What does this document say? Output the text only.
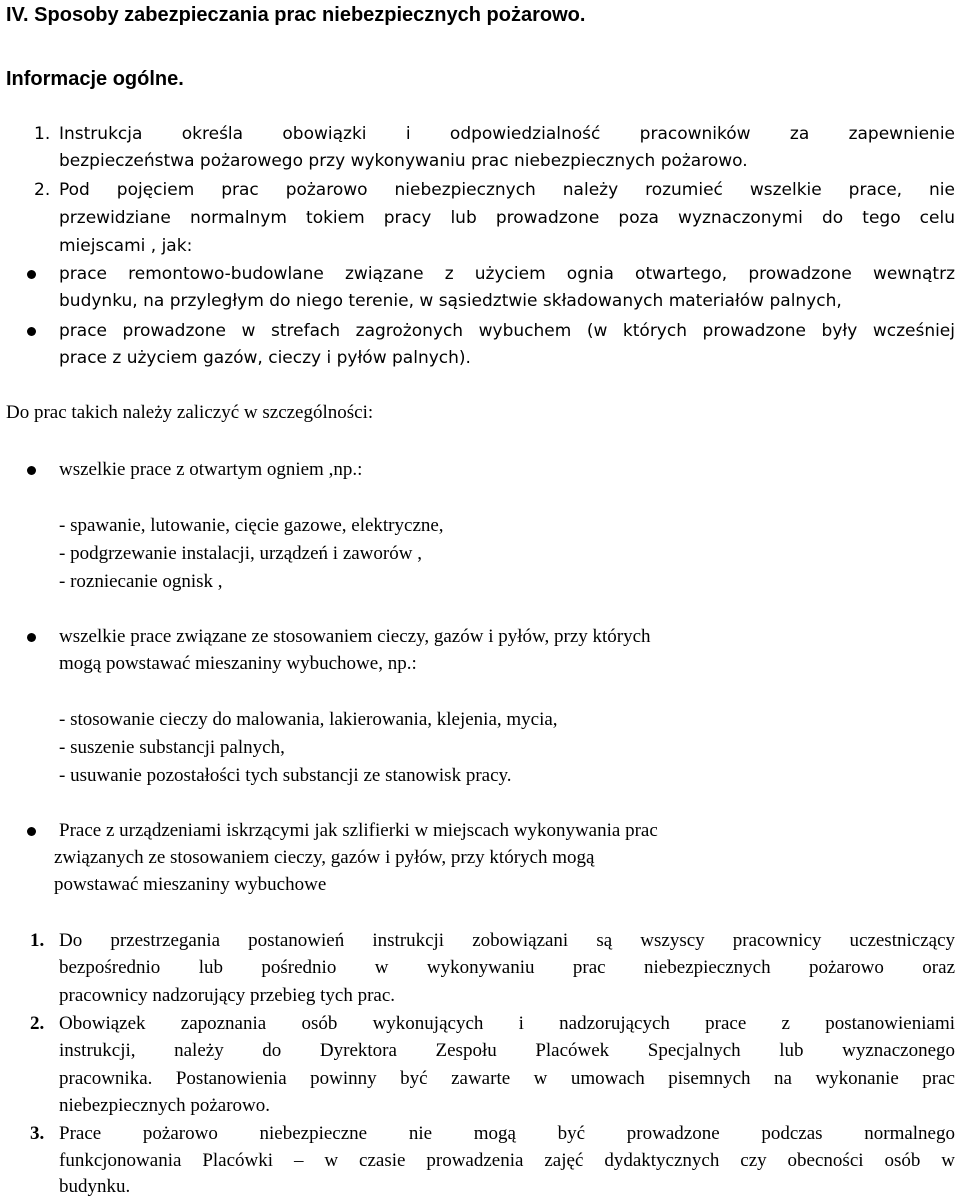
IV. Sposoby zabezpieczania prac niebezpiecznych pożarowo.
Informacje ogólne.
1. Instrukcja określa obowiązki i odpowiedzialność pracowników za zapewnienie
bezpieczeństwa pożarowego przy wykonywaniu prac niebezpiecznych pożarowo.
2. Pod pojęciem prac pożarowo niebezpiecznych należy rozumieć wszelkie prace, nie
przewidziane normalnym tokiem pracy lub prowadzone poza wyznaczonymi do tego celu
miejscami , jak:
prace remontowo-budowlane związane z użyciem ognia otwartego, prowadzone wewnątrz
budynku, na przyległym do niego terenie, w sąsiedztwie składowanych materiałów palnych,
prace prowadzone w strefach zagrożonych wybuchem (w których prowadzone były wcześniej
prace z użyciem gazów, cieczy i pyłów palnych).
Do prac takich należy zaliczyć w szczególności:
wszelkie prace z otwartym ogniem ,np.:
- spawanie, lutowanie, cięcie gazowe, elektryczne,
- podgrzewanie instalacji, urządzeń i zaworów ,
- rozniecanie ognisk ,
wszelkie prace związane ze stosowaniem cieczy, gazów i pyłów, przy których
mogą powstawać mieszaniny wybuchowe, np.:
- stosowanie cieczy do malowania, lakierowania, klejenia, mycia,
- suszenie substancji palnych,
- usuwanie pozostałości tych substancji ze stanowisk pracy.
Prace z urządzeniami iskrzącymi jak szlifierki w miejscach wykonywania prac
związanych ze stosowaniem cieczy, gazów i pyłów, przy których mogą
powstawać mieszaniny wybuchowe
1. Do przestrzegania postanowień instrukcji zobowiązani są wszyscy pracownicy uczestniczący
bezpośrednio lub pośrednio w wykonywaniu prac niebezpiecznych pożarowo oraz
pracownicy nadzorujący przebieg tych prac.
2. Obowiązek zapoznania osób wykonujących i nadzorujących prace z postanowieniami
instrukcji, należy do Dyrektora Zespołu Placówek Specjalnych lub wyznaczonego
pracownika. Postanowienia powinny być zawarte w umowach pisemnych na wykonanie prac
niebezpiecznych pożarowo.
3. Prace pożarowo niebezpieczne nie mogą być prowadzone podczas normalnego
funkcjonowania Placówki – w czasie prowadzenia zajęć dydaktycznych czy obecności osób w
budynku.
